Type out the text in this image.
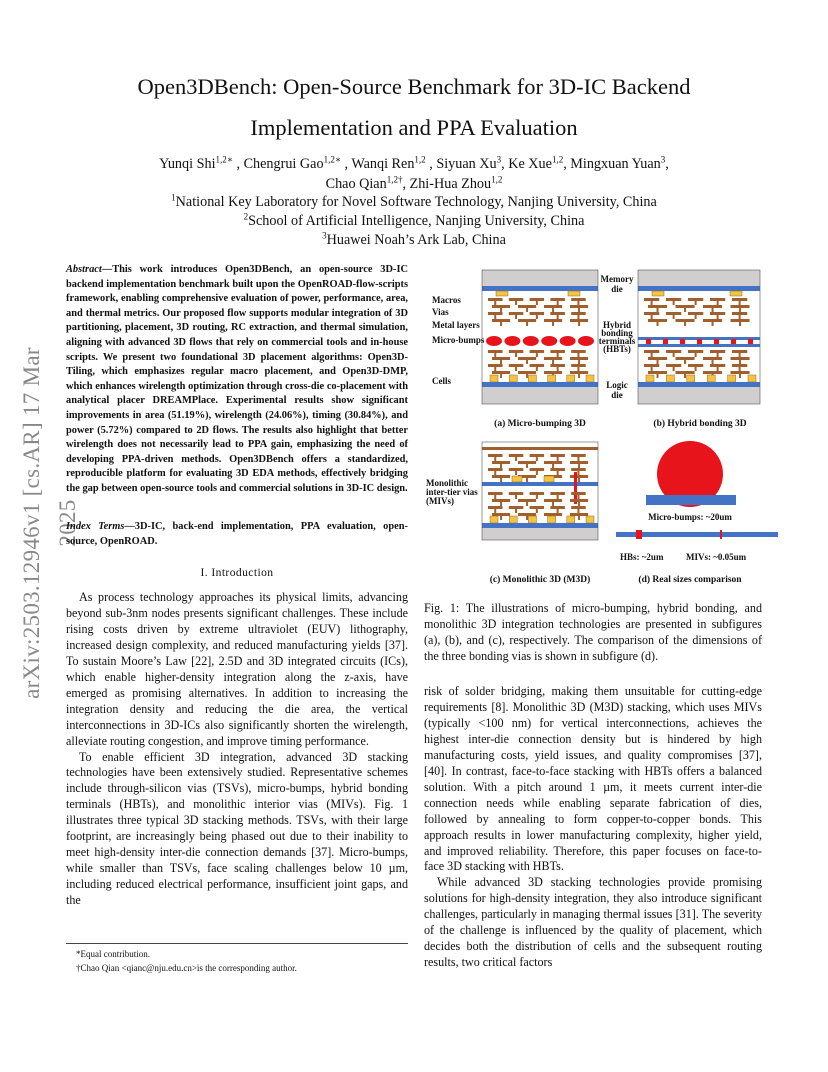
Open3DBench: Open-Source Benchmark for 3D-IC Backend
Implementation and PPA Evaluation
Yunqi Shi$^{1,2∗}$ , Chengrui Gao$^{1,2∗}$ , Wanqi Ren$^{1,2}$ , Siyuan Xu$^3$, Ke Xue$^{1,2}$, Mingxuan Yuan$^3$,
Chao Qian$^{1,2\dagger}$, Zhi-Hua Zhou$^{1,2}$
$^1$National Key Laboratory for Novel Software Technology, Nanjing University, China
$^2$School of Artificial Intelligence, Nanjing University, China
$^3$Huawei Noah’s Ark Lab, China
arXiv:2503.12946v1 [cs.AR] 17 Mar 2025
Abstract—This work introduces Open3DBench, an open-source 3D-IC backend implementation benchmark built upon the OpenROAD-flow-scripts framework, enabling comprehensive evaluation of power, performance, area, and thermal metrics. Our proposed flow supports modular integration of 3D partitioning, placement, 3D routing, RC extraction, and thermal simulation, aligning with advanced 3D flows that rely on commercial tools and in-house scripts. We present two foundational 3D placement algorithms: Open3D-Tiling, which emphasizes regular macro placement, and Open3D-DMP, which enhances wirelength optimization through cross-die co-placement with analytical placer DREAMPlace. Experimental results show significant improvements in area (51.19%), wirelength (24.06%), timing (30.84%), and power (5.72%) compared to 2D flows. The results also highlight that better wirelength does not necessarily lead to PPA gain, emphasizing the need of developing PPA-driven methods. Open3DBench offers a standardized, reproducible platform for evaluating 3D EDA methods, effectively bridging the gap between open-source tools and commercial solutions in 3D-IC design.
Index Terms—3D-IC, back-end implementation, PPA evaluation, open-source, OpenROAD.
I. Introduction

As process technology approaches its physical limits, advancing beyond sub-3nm nodes presents significant challenges. These include rising costs driven by extreme ultraviolet (EUV) lithography, increased design complexity, and reduced manufacturing yields [37]. To sustain Moore’s Law [22], 2.5D and 3D integrated circuits (ICs), which enable higher-density integration along the z-axis, have emerged as promising alternatives. In addition to increasing the integration density and reducing the die area, the vertical interconnections in 3D-ICs also significantly shorten the wirelength, alleviate routing congestion, and improve timing performance.

To enable efficient 3D integration, advanced 3D stacking technologies have been extensively studied. Representative schemes include through-silicon vias (TSVs), micro-bumps, hybrid bonding terminals (HBTs), and monolithic interior vias (MIVs). Fig. 1 illustrates three typical 3D stacking methods. TSVs, with their large footprint, are increasingly being phased out due to their inability to meet high-density inter-die connection demands [37]. Micro-bumps, while smaller than TSVs, face scaling challenges below 10 µm, including reduced electrical performance, insufficient joint gaps, and the

*Equal contribution.
†Chao Qian <qianc@nju.edu.cn>is the corresponding author.
Macros
Vias
Metal layers
Micro-bumps
Cells
Memory
die
Hybrid
bonding
terminals
(HBTs)
Logic
die
Monolithic
inter-tier vias
(MIVs)
Micro-bumps: ~20um
HBs: ~2um	MIVs: ~0.05um
(a) Micro-bumping 3D	(b) Hybrid bonding 3D
(c) Monolithic 3D (M3D)	(d) Real sizes comparison
Fig. 1: The illustrations of micro-bumping, hybrid bonding, and monolithic 3D integration technologies are presented in subfigures (a), (b), and (c), respectively. The comparison of the dimensions of the three bonding vias is shown in subfigure (d).

risk of solder bridging, making them unsuitable for cutting-edge requirements [8]. Monolithic 3D (M3D) stacking, which uses MIVs (typically <100 nm) for vertical interconnections, achieves the highest inter-die connection density but is hindered by high manufacturing costs, yield issues, and quality compromises [37], [40]. In contrast, face-to-face stacking with HBTs offers a balanced solution. With a pitch around 1 µm, it meets current inter-die connection needs while enabling separate fabrication of dies, followed by annealing to form copper-to-copper bonds. This approach results in lower manufacturing complexity, higher yield, and improved reliability. Therefore, this paper focuses on face-to-face 3D stacking with HBTs.

While advanced 3D stacking technologies provide promising solutions for high-density integration, they also introduce significant challenges, particularly in managing thermal issues [31]. The severity of the challenge is influenced by the quality of placement, which decides both the distribution of cells and the subsequent routing results, two critical factors
